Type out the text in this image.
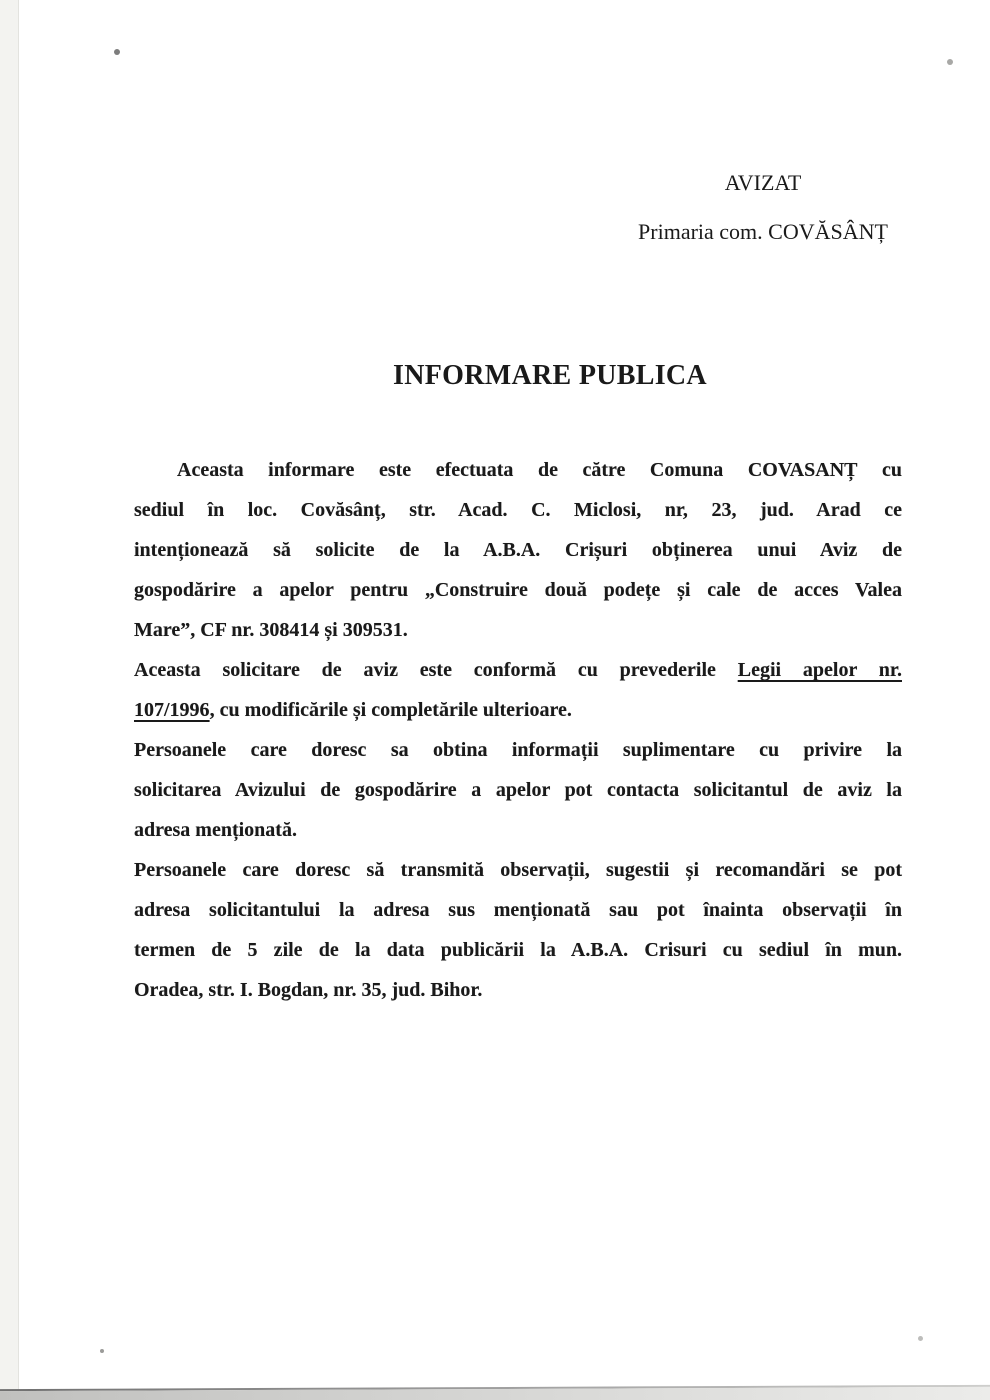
AVIZAT
Primaria com. COVĂSÂNȚ
INFORMARE PUBLICA
Aceasta informare este efectuata de către Comuna COVASANȚ cu
sediul în loc. Covăsânț, str. Acad. C. Miclosi, nr, 23, jud. Arad ce
intenționează să solicite de la A.B.A. Crișuri obținerea unui Aviz de
gospodărire a apelor pentru „Construire două podețe și cale de acces Valea
Mare”, CF nr. 308414 și 309531.
Aceasta solicitare de aviz este conformă cu prevederile Legii apelor nr.
107/1996, cu modificările și completările ulterioare.
Persoanele care doresc sa obtina informații suplimentare cu privire la
solicitarea Avizului de gospodărire a apelor pot contacta solicitantul de aviz la
adresa menționată.
Persoanele care doresc să transmită observații, sugestii și recomandări se pot
adresa solicitantului la adresa sus menționată sau pot înainta observații în
termen de 5 zile de la data publicării la A.B.A. Crisuri cu sediul în mun.
Oradea, str. I. Bogdan, nr. 35, jud. Bihor.
